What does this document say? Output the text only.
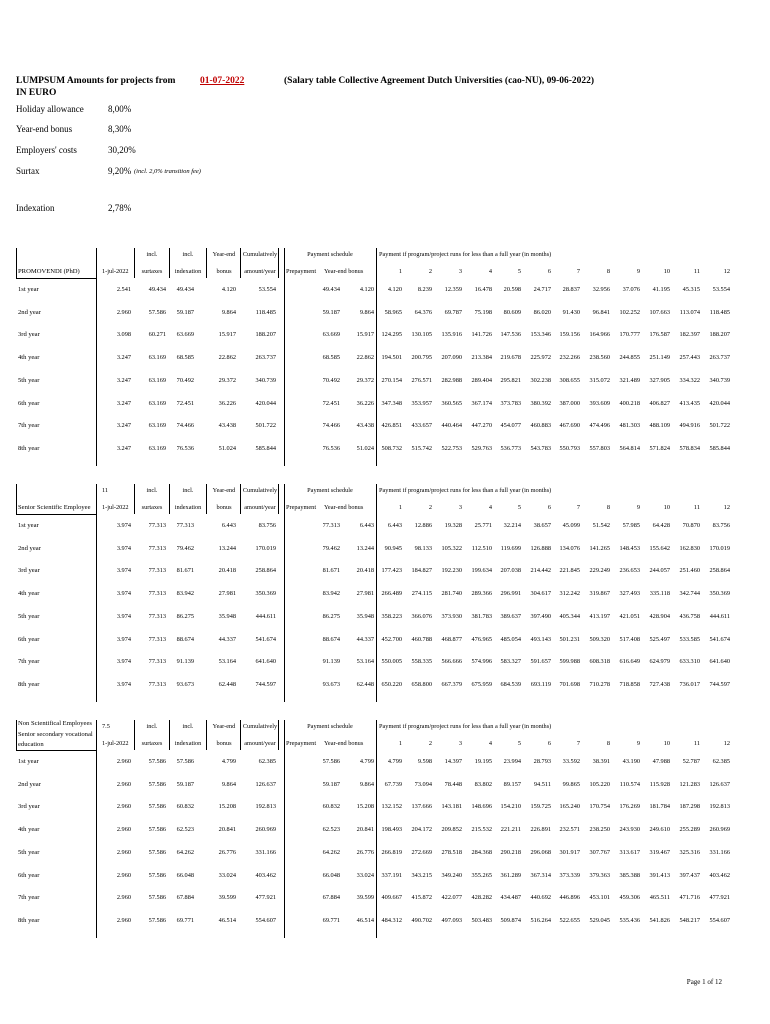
LUMPSUM Amounts for projects from
IN EURO
01-07-2022	(Salary table Collective Agreement Dutch Universities (cao-NU), 09-06-2022)
Holiday allowance	8,00%
Year-end bonus	8,30%
Employers' costs	30,20%
Surtax	9,20% (incl. 2,0% transition fee)
Indexation	2,78%
PROMOVENDI (PhD)
incl.	incl.	Year-end	Cumulatively
1-jul-2022	surtaxes	indexation	bonus	amount/year
Payment schedule
Prepayment Year-end bonus
Payment if program/project runs for less than a full year (in months)
1	2	3	4	5	6	7	8	9	10	11	12
1st year	2.541	49.434	49.434	4.120	53.554	49.434	4.120	4.120	8.239	12.359	16.478	20.598	24.717	28.837	32.956	37.076	41.195	45.315	53.554
2nd year	2.960	57.586	59.187	9.864	118.485	59.187	9.864	58.965	64.376	69.787	75.198	80.609	86.020	91.430	96.841	102.252	107.663	113.074	118.485
3rd year	3.098	60.271	63.669	15.917	188.207	63.669	15.917	124.295	130.105	135.916	141.726	147.536	153.346	159.156	164.966	170.777	176.587	182.397	188.207
4th year	3.247	63.169	68.585	22.862	263.737	68.585	22.862	194.501	200.795	207.090	213.384	219.678	225.972	232.266	238.560	244.855	251.149	257.443	263.737
5th year	3.247	63.169	70.492	29.372	340.739	70.492	29.372	270.154	276.571	282.988	289.404	295.821	302.238	308.655	315.072	321.489	327.905	334.322	340.739
6th year	3.247	63.169	72.451	36.226	420.044	72.451	36.226	347.348	353.957	360.565	367.174	373.783	380.392	387.000	393.609	400.218	406.827	413.435	420.044
7th year	3.247	63.169	74.466	43.438	501.722	74.466	43.438	426.851	433.657	440.464	447.270	454.077	460.883	467.690	474.496	481.303	488.109	494.916	501.722
8th year	3.247	63.169	76.536	51.024	585.844	76.536	51.024	508.732	515.742	522.753	529.763	536.773	543.783	550.793	557.803	564.814	571.824	578.834	585.844
Senior Scientific Employee
11	incl.	incl.	Year-end	Cumulatively
1-jul-2022	surtaxes	indexation	bonus	amount/year
Payment schedule
Prepayment Year-end bonus
Payment if program/project runs for less than a full year (in months)
1	2	3	4	5	6	7	8	9	10	11	12
1st year	3.974	77.313	77.313	6.443	83.756	77.313	6.443	6.443	12.886	19.328	25.771	32.214	38.657	45.099	51.542	57.985	64.428	70.870	83.756
2nd year	3.974	77.313	79.462	13.244	170.019	79.462	13.244	90.945	98.133	105.322	112.510	119.699	126.888	134.076	141.265	148.453	155.642	162.830	170.019
3rd year	3.974	77.313	81.671	20.418	258.864	81.671	20.418	177.423	184.827	192.230	199.634	207.038	214.442	221.845	229.249	236.653	244.057	251.460	258.864
4th year	3.974	77.313	83.942	27.981	350.369	83.942	27.981	266.489	274.115	281.740	289.366	296.991	304.617	312.242	319.867	327.493	335.118	342.744	350.369
5th year	3.974	77.313	86.275	35.948	444.611	86.275	35.948	358.223	366.076	373.930	381.783	389.637	397.490	405.344	413.197	421.051	428.904	436.758	444.611
6th year	3.974	77.313	88.674	44.337	541.674	88.674	44.337	452.700	460.788	468.877	476.965	485.054	493.143	501.231	509.320	517.408	525.497	533.585	541.674
7th year	3.974	77.313	91.139	53.164	641.640	91.139	53.164	550.005	558.335	566.666	574.996	583.327	591.657	599.988	608.318	616.649	624.979	633.310	641.640
8th year	3.974	77.313	93.673	62.448	744.597	93.673	62.448	650.220	658.800	667.379	675.959	684.539	693.119	701.698	710.278	718.858	727.438	736.017	744.597
Non Scientifical Employees
Senior secondary vocational
education
7.5	incl.	incl.	Year-end	Cumulatively
1-jul-2022	surtaxes	indexation	bonus	amount/year
Payment schedule
Prepayment Year-end bonus
Payment if program/project runs for less than a full year (in months)
1	2	3	4	5	6	7	8	9	10	11	12
1st year	2.960	57.586	57.586	4.799	62.385	57.586	4.799	4.799	9.598	14.397	19.195	23.994	28.793	33.592	38.391	43.190	47.988	52.787	62.385
2nd year	2.960	57.586	59.187	9.864	126.637	59.187	9.864	67.739	73.094	78.448	83.802	89.157	94.511	99.865	105.220	110.574	115.928	121.283	126.637
3rd year	2.960	57.586	60.832	15.208	192.813	60.832	15.208	132.152	137.666	143.181	148.696	154.210	159.725	165.240	170.754	176.269	181.784	187.298	192.813
4th year	2.960	57.586	62.523	20.841	260.969	62.523	20.841	198.493	204.172	209.852	215.532	221.211	226.891	232.571	238.250	243.930	249.610	255.289	260.969
5th year	2.960	57.586	64.262	26.776	331.166	64.262	26.776	266.819	272.669	278.518	284.368	290.218	296.068	301.917	307.767	313.617	319.467	325.316	331.166
6th year	2.960	57.586	66.048	33.024	403.462	66.048	33.024	337.191	343.215	349.240	355.265	361.289	367.314	373.339	379.363	385.388	391.413	397.437	403.462
7th year	2.960	57.586	67.884	39.599	477.921	67.884	39.599	409.667	415.872	422.077	428.282	434.487	440.692	446.896	453.101	459.306	465.511	471.716	477.921
8th year	2.960	57.586	69.771	46.514	554.607	69.771	46.514	484.312	490.702	497.093	503.483	509.874	516.264	522.655	529.045	535.436	541.826	548.217	554.607
Page 1 of 12
